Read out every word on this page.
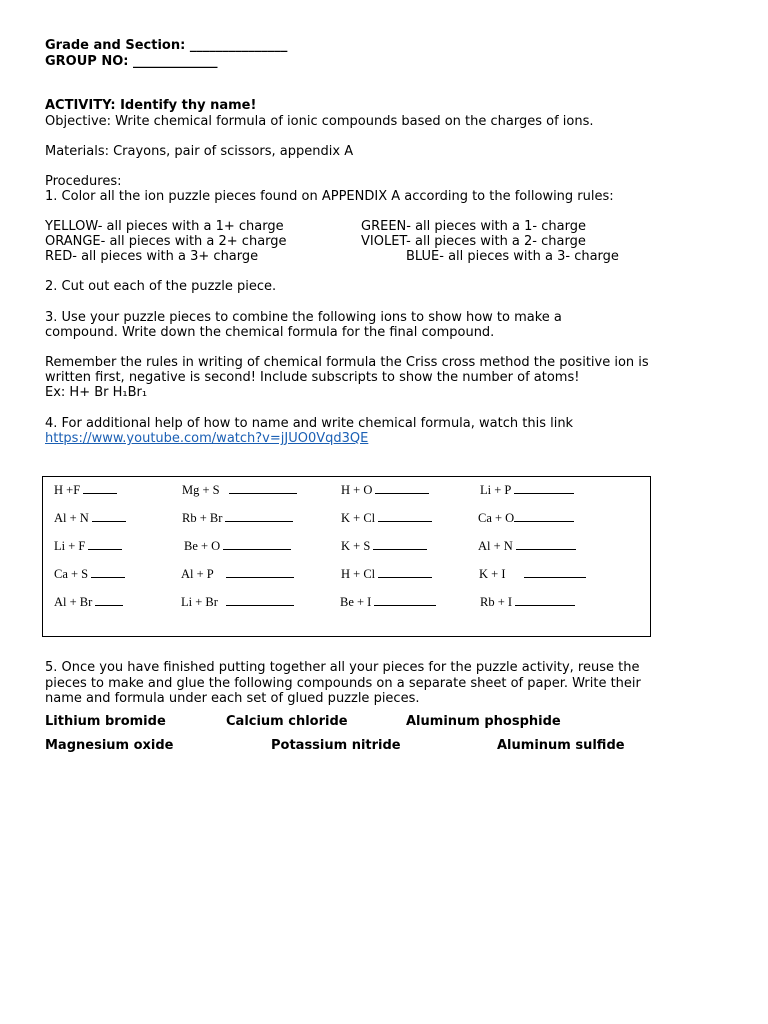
Grade and Section: _______________
GROUP NO: _____________
ACTIVITY: Identify thy name!
Objective: Write chemical formula of ionic compounds based on the charges of ions.
Materials: Crayons, pair of scissors, appendix A
Procedures:
1. Color all the ion puzzle pieces found on APPENDIX A according to the following rules:
YELLOW- all pieces with a 1+ charge
ORANGE- all pieces with a 2+ charge
RED- all pieces with a 3+ charge
GREEN- all pieces with a 1- charge
VIOLET- all pieces with a 2- charge
BLUE- all pieces with a 3- charge
2. Cut out each of the puzzle piece.
3. Use your puzzle pieces to combine the following ions to show how to make a
compound. Write down the chemical formula for the final compound.
Remember the rules in writing of chemical formula the Criss cross method the positive ion is
written first, negative is second! Include subscripts to show the number of atoms!
Ex: H+ Br H₁Br₁
4. For additional help of how to name and write chemical formula, watch this link
https://www.youtube.com/watch?v=jJUO0Vqd3QE
H +F	Mg + S	H + O	Li + P
Al + N	Rb + Br	K + Cl	Ca + O
Li + F	Be + O	K + S	Al + N
Ca + S	Al + P	H + Cl	K + I
Al + Br	Li + Br	Be + I	Rb + I
5. Once you have finished putting together all your pieces for the puzzle activity, reuse the
pieces to make and glue the following compounds on a separate sheet of paper. Write their
name and formula under each set of glued puzzle pieces.
Lithium bromide	Calcium chloride	Aluminum phosphide
Magnesium oxide	Potassium nitride	Aluminum sulfide
